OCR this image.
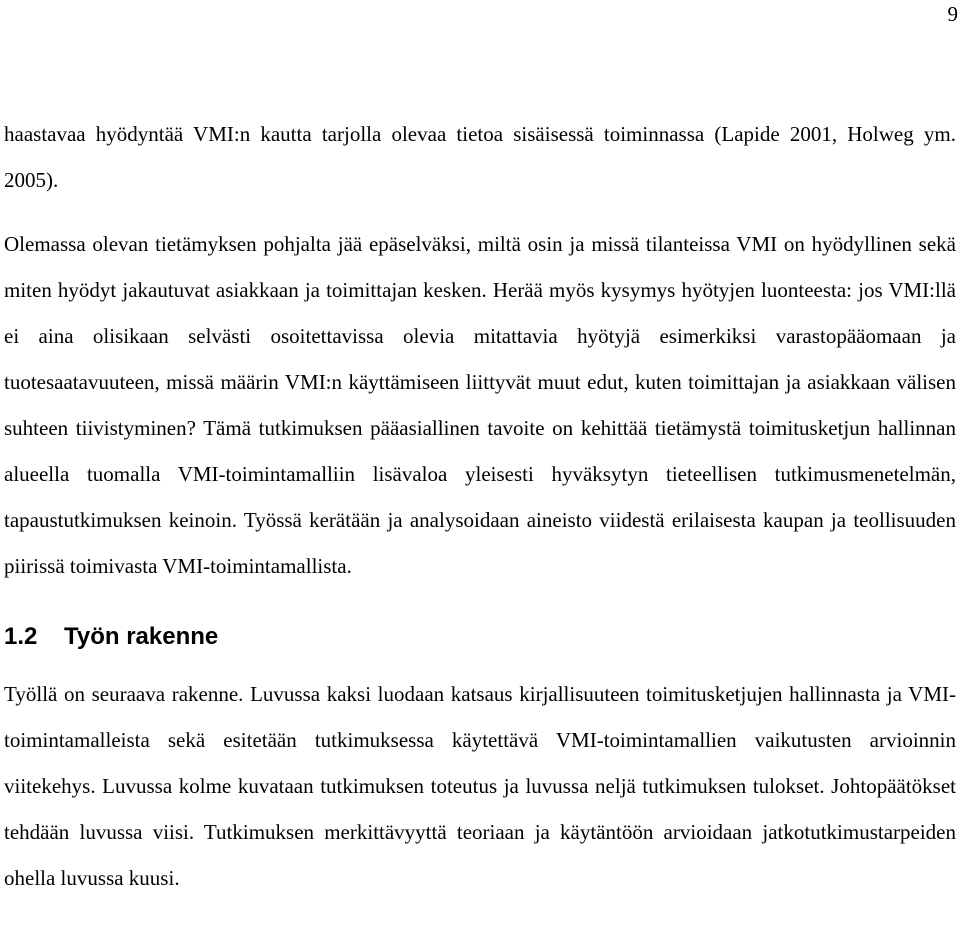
9

haastavaa hyödyntää VMI:n kautta tarjolla olevaa tietoa sisäisessä toiminnassa (Lapide 2001, Holweg ym. 2005).

Olemassa olevan tietämyksen pohjalta jää epäselväksi, miltä osin ja missä tilanteissa VMI on hyödyllinen sekä miten hyödyt jakautuvat asiakkaan ja toimittajan kesken. Herää myös kysymys hyötyjen luonteesta: jos VMI:llä ei aina olisikaan selvästi osoitettavissa olevia mitattavia hyötyjä esimerkiksi varastopääomaan ja tuotesaatavuuteen, missä määrin VMI:n käyttämiseen liittyvät muut edut, kuten toimittajan ja asiakkaan välisen suhteen tiivistyminen? Tämä tutkimuksen pääasiallinen tavoite on kehittää tietämystä toimitusketjun hallinnan alueella tuomalla VMI-toimintamalliin lisävaloa yleisesti hyväksytyn tieteellisen tutkimusmenetelmän, tapaustutkimuksen keinoin. Työssä kerätään ja analysoidaan aineisto viidestä erilaisesta kaupan ja teollisuuden piirissä toimivasta VMI-toimintamallista.

1.2 Työn rakenne

Työllä on seuraava rakenne. Luvussa kaksi luodaan katsaus kirjallisuuteen toimitusketjujen hallinnasta ja VMI-toimintamalleista sekä esitetään tutkimuksessa käytettävä VMI-toimintamallien vaikutusten arvioinnin viitekehys. Luvussa kolme kuvataan tutkimuksen toteutus ja luvussa neljä tutkimuksen tulokset. Johtopäätökset tehdään luvussa viisi. Tutkimuksen merkittävyyttä teoriaan ja käytäntöön arvioidaan jatkotutkimustarpeiden ohella luvussa kuusi.
